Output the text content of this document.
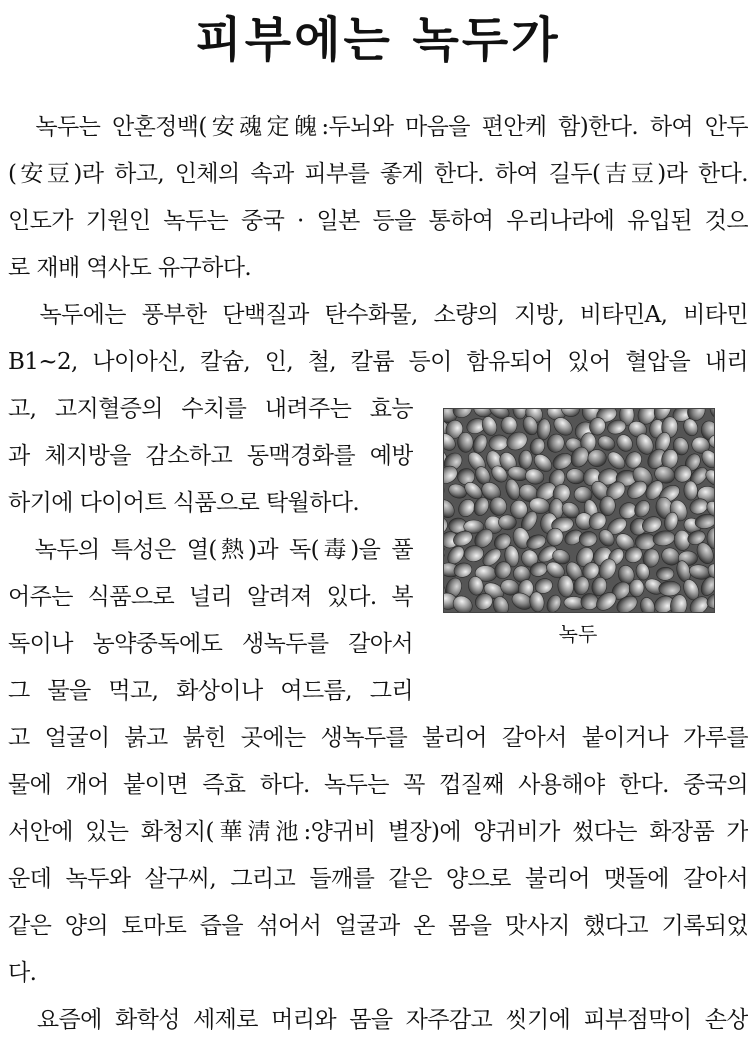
피부에는 녹두가
　녹두는 안혼정백(安魂定魄:두뇌와 마음을 편안케 함)한다. 하여 안두
(安豆)라 하고, 인체의 속과 피부를 좋게 한다. 하여 길두(吉豆)라 한다.
인도가 기원인 녹두는 중국 · 일본 등을 통하여 우리나라에 유입된 것으
로 재배 역사도 유구하다.
　녹두에는 풍부한 단백질과 탄수화물, 소량의 지방, 비타민A, 비타민
B1~2, 나이아신, 칼슘, 인, 철, 칼륨 등이 함유되어 있어 혈압을 내리
고, 고지혈증의 수치를 내려주는 효능
과 체지방을 감소하고 동맥경화를 예방
하기에 다이어트 식품으로 탁월하다.
　녹두의 특성은 열(熱)과 독(毒)을 풀
어주는 식품으로 널리 알려져 있다. 복
독이나 농약중독에도 생녹두를 갈아서
그 물을 먹고, 화상이나 여드름, 그리
고 얼굴이 붉고 붉힌 곳에는 생녹두를 불리어 갈아서 붙이거나 가루를
물에 개어 붙이면 즉효 하다. 녹두는 꼭 껍질째 사용해야 한다. 중국의
서안에 있는 화청지(華淸池:양귀비 별장)에 양귀비가 썼다는 화장품 가
운데 녹두와 살구씨, 그리고 들깨를 같은 양으로 불리어 맷돌에 갈아서
같은 양의 토마토 즙을 섞어서 얼굴과 온 몸을 맛사지 했다고 기록되었
다.
　요즘에 화학성 세제로 머리와 몸을 자주감고 씻기에 피부점막이 손상
녹두
